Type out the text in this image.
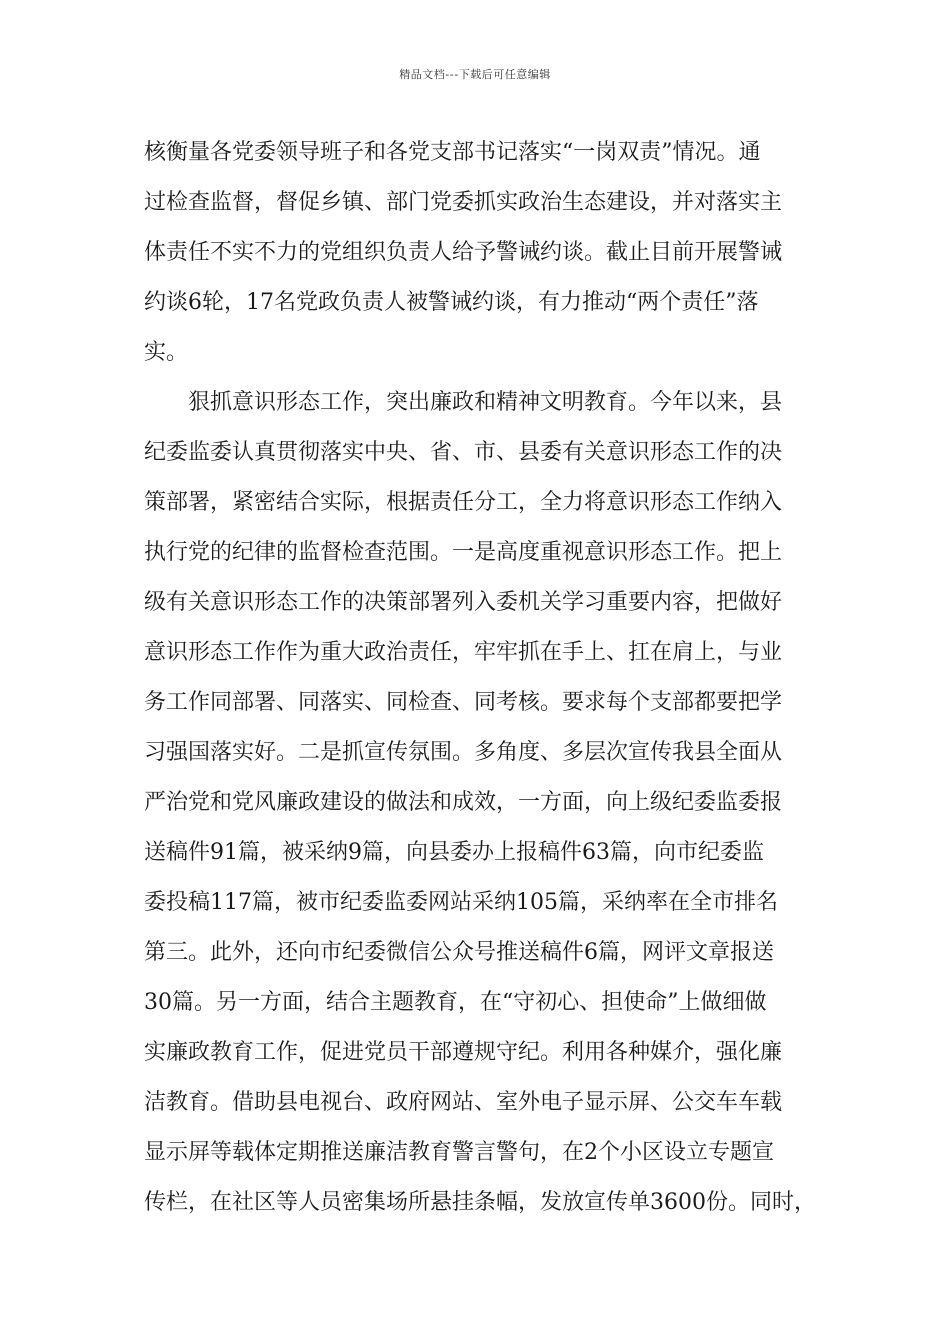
精品文档---下载后可任意编辑
核衡量各党委领导班子和各党支部书记落实“一岗双责”情况。通
过检查监督，督促乡镇、部门党委抓实政治生态建设，并对落实主
体责任不实不力的党组织负责人给予警诫约谈。截止目前开展警诫
约谈6轮，17名党政负责人被警诫约谈，有力推动“两个责任”落
实。
狠抓意识形态工作，突出廉政和精神文明教育。今年以来，县
纪委监委认真贯彻落实中央、省、市、县委有关意识形态工作的决
策部署，紧密结合实际，根据责任分工，全力将意识形态工作纳入
执行党的纪律的监督检查范围。一是高度重视意识形态工作。把上
级有关意识形态工作的决策部署列入委机关学习重要内容，把做好
意识形态工作作为重大政治责任，牢牢抓在手上、扛在肩上，与业
务工作同部署、同落实、同检查、同考核。要求每个支部都要把学
习强国落实好。二是抓宣传氛围。多角度、多层次宣传我县全面从
严治党和党风廉政建设的做法和成效，一方面，向上级纪委监委报
送稿件91篇，被采纳9篇，向县委办上报稿件63篇，向市纪委监
委投稿117篇，被市纪委监委网站采纳105篇，采纳率在全市排名
第三。此外，还向市纪委微信公众号推送稿件6篇，网评文章报送
30篇。另一方面，结合主题教育，在“守初心、担使命”上做细做
实廉政教育工作，促进党员干部遵规守纪。利用各种媒介，强化廉
洁教育。借助县电视台、政府网站、室外电子显示屏、公交车车载
显示屏等载体定期推送廉洁教育警言警句，在2个小区设立专题宣
传栏，在社区等人员密集场所悬挂条幅，发放宣传单3600份。同时，
